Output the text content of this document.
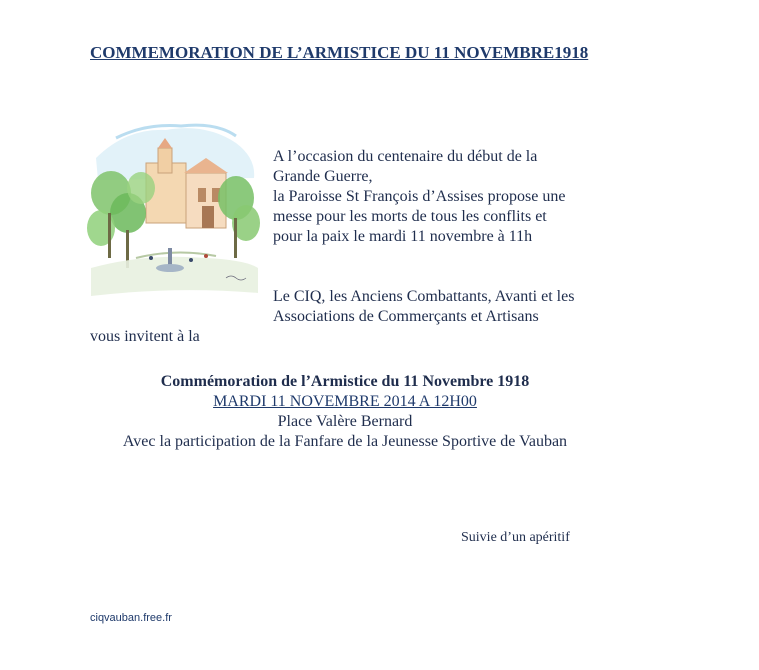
COMMEMORATION DE L’ARMISTICE DU 11 NOVEMBRE1918
A l’occasion du centenaire du début de la
Grande Guerre,
la Paroisse St François d’Assises propose une
messe pour les morts de tous les conflits et
pour la paix le mardi 11 novembre à 11h
Le CIQ, les Anciens Combattants, Avanti et les
Associations de Commerçants et Artisans
vous invitent à la
Commémoration de l’Armistice du 11 Novembre 1918
MARDI 11 NOVEMBRE 2014 A 12H00
Place Valère Bernard
Avec la participation de la Fanfare de la Jeunesse Sportive de Vauban
Suivie d’un apéritif
ciqvauban.free.fr
